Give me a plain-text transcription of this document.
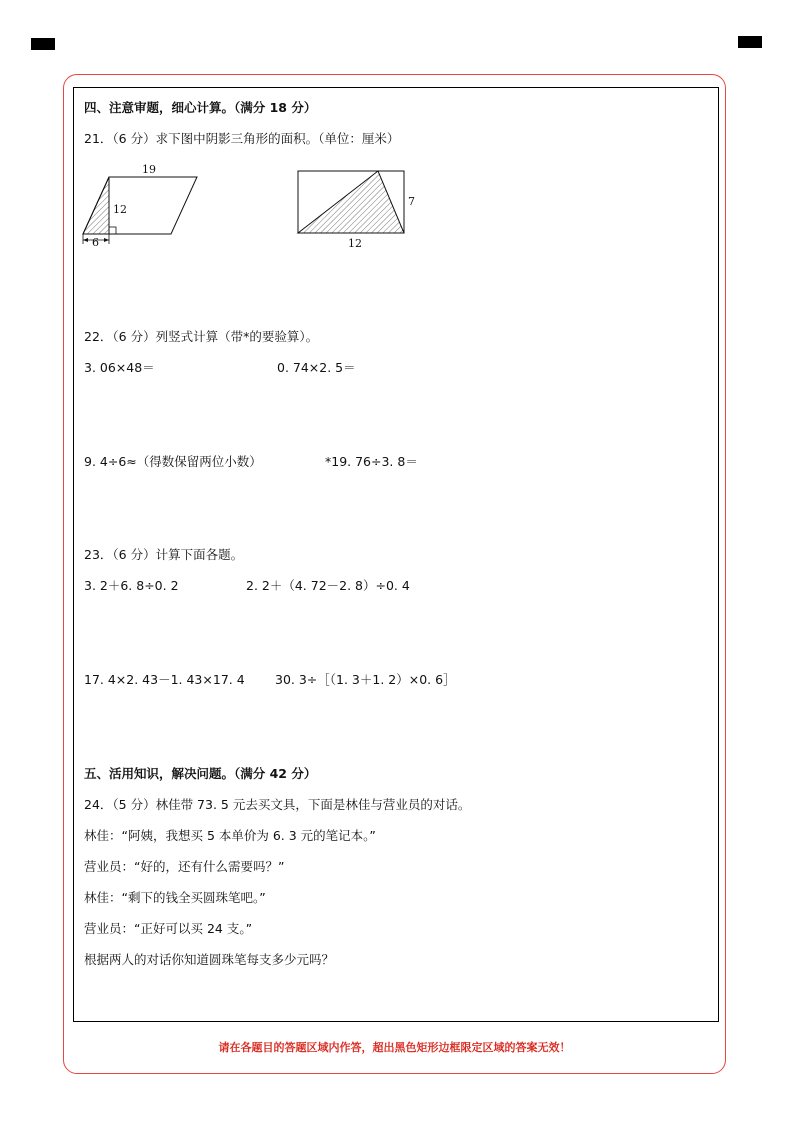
四、注意审题，细心计算。（满分 18 分）
21．（6 分）求下图中阴影三角形的面积。（单位：厘米）
19
12
6
7
12
22．（6 分）列竖式计算（带*的要验算）。
3. 06×48＝	0. 74×2. 5＝
9. 4÷6≈（得数保留两位小数）	*19. 76÷3. 8＝
23．（6 分）计算下面各题。
3. 2＋6. 8÷0. 2	2. 2＋（4. 72－2. 8）÷0. 4
17. 4×2. 43－1. 43×17. 4 30. 3÷［（1. 3＋1. 2）×0. 6］
五、活用知识，解决问题。（满分 42 分）
24．（5 分）林佳带 73. 5 元去买文具，下面是林佳与营业员的对话。
林佳：“阿姨，我想买 5 本单价为 6. 3 元的笔记本。”
营业员：“好的，还有什么需要吗？”
林佳：“剩下的钱全买圆珠笔吧。”
营业员：“正好可以买 24 支。”
根据两人的对话你知道圆珠笔每支多少元吗？
请在各题目的答题区域内作答，超出黑色矩形边框限定区域的答案无效！
